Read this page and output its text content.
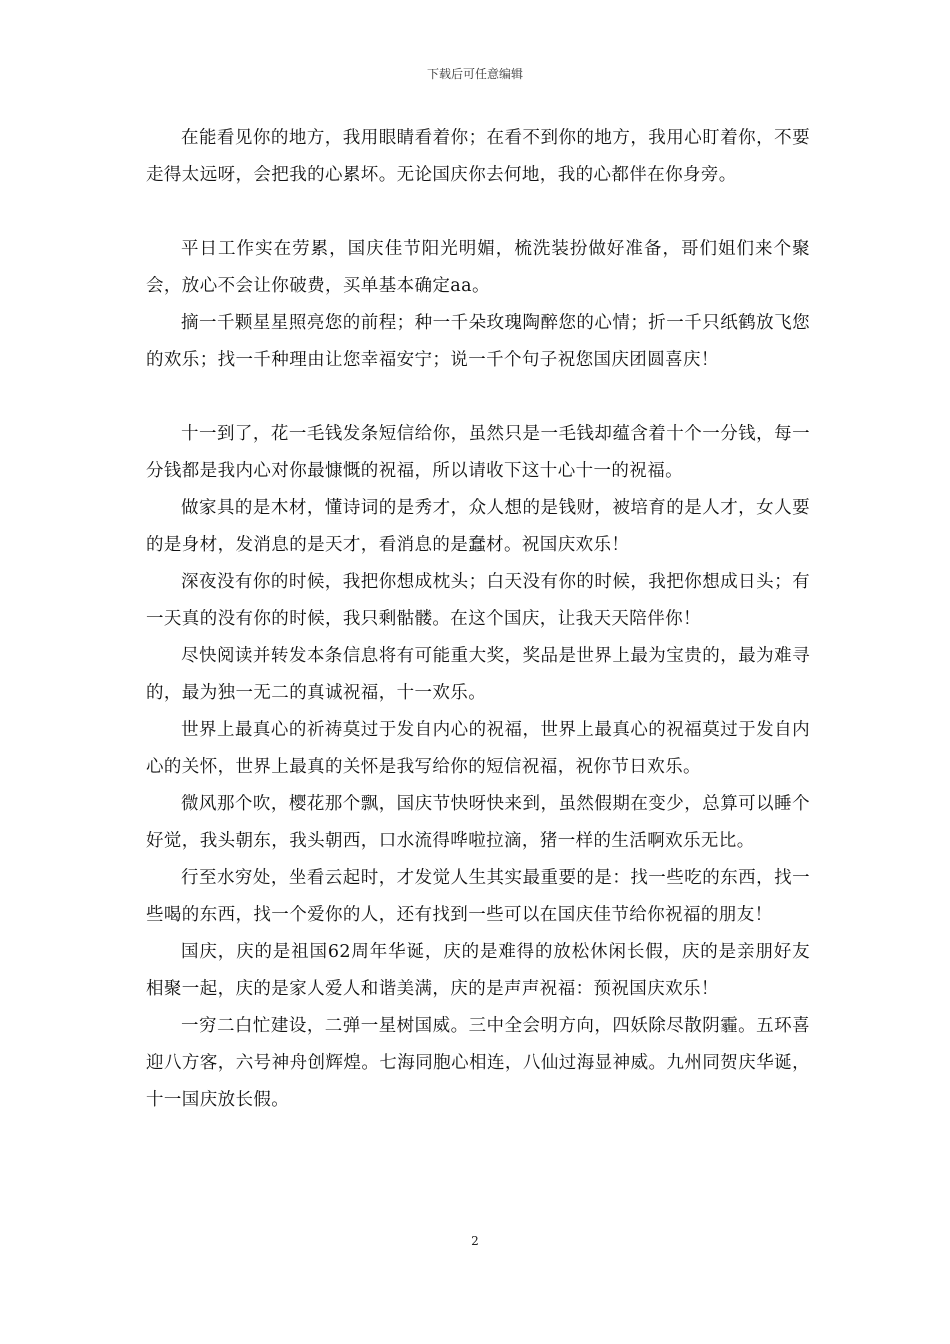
下载后可任意编辑

在能看见你的地方，我用眼睛看着你；在看不到你的地方，我用心盯着你，不要走得太远呀，会把我的心累坏。无论国庆你去何地，我的心都伴在你身旁。

平日工作实在劳累，国庆佳节阳光明媚，梳洗装扮做好准备，哥们姐们来个聚会，放心不会让你破费，买单基本确定aa。

摘一千颗星星照亮您的前程；种一千朵玫瑰陶醉您的心情；折一千只纸鹤放飞您的欢乐；找一千种理由让您幸福安宁；说一千个句子祝您国庆团圆喜庆！

十一到了，花一毛钱发条短信给你，虽然只是一毛钱却蕴含着十个一分钱，每一分钱都是我内心对你最慷慨的祝福，所以请收下这十心十一的祝福。

做家具的是木材，懂诗词的是秀才，众人想的是钱财，被培育的是人才，女人要的是身材，发消息的是天才，看消息的是蠢材。祝国庆欢乐！

深夜没有你的时候，我把你想成枕头；白天没有你的时候，我把你想成日头；有一天真的没有你的时候，我只剩骷髅。在这个国庆，让我天天陪伴你！

尽快阅读并转发本条信息将有可能重大奖，奖品是世界上最为宝贵的，最为难寻的，最为独一无二的真诚祝福，十一欢乐。

世界上最真心的祈祷莫过于发自内心的祝福，世界上最真心的祝福莫过于发自内心的关怀，世界上最真的关怀是我写给你的短信祝福，祝你节日欢乐。

微风那个吹，樱花那个飘，国庆节快呀快来到，虽然假期在变少，总算可以睡个好觉，我头朝东，我头朝西，口水流得哗啦拉滴，猪一样的生活啊欢乐无比。

行至水穷处，坐看云起时，才发觉人生其实最重要的是：找一些吃的东西，找一些喝的东西，找一个爱你的人，还有找到一些可以在国庆佳节给你祝福的朋友！

国庆，庆的是祖国62周年华诞，庆的是难得的放松休闲长假，庆的是亲朋好友相聚一起，庆的是家人爱人和谐美满，庆的是声声祝福：预祝国庆欢乐！

一穷二白忙建设，二弹一星树国威。三中全会明方向，四妖除尽散阴霾。五环喜迎八方客，六号神舟创辉煌。七海同胞心相连，八仙过海显神威。九州同贺庆华诞，十一国庆放长假。

2
